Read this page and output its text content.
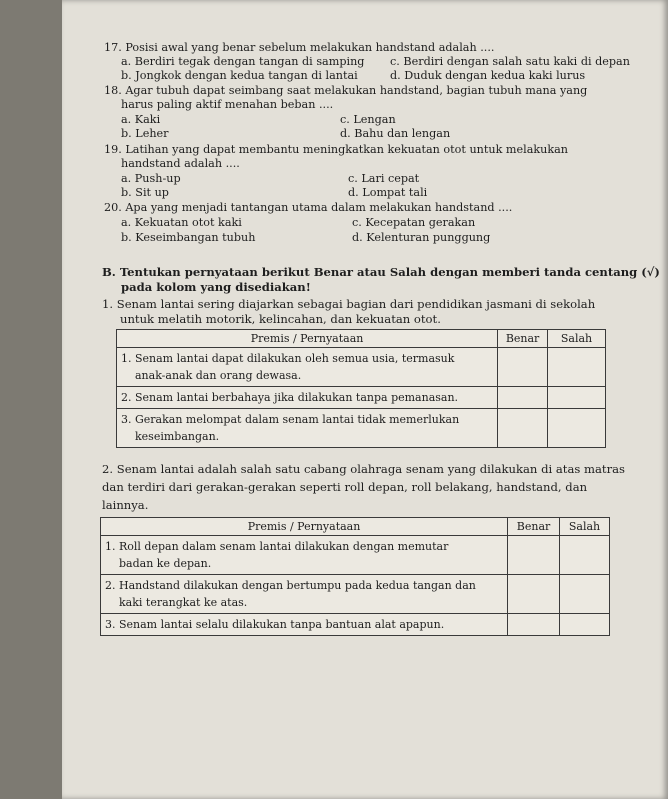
17. Posisi awal yang benar sebelum melakukan handstand adalah ....
a. Berdiri tegak dengan tangan di samping c. Berdiri dengan salah satu kaki di depan
b. Jongkok dengan kedua tangan di lantai	d. Duduk dengan kedua kaki lurus
18. Agar tubuh dapat seimbang saat melakukan handstand, bagian tubuh mana yang
harus paling aktif menahan beban ....
a. Kaki	c. Lengan
b. Leher	d. Bahu dan lengan
19. Latihan yang dapat membantu meningkatkan kekuatan otot untuk melakukan
handstand adalah ....
a. Push-up	c. Lari cepat
b. Sit up	d. Lompat tali
20. Apa yang menjadi tantangan utama dalam melakukan handstand ....
a. Kekuatan otot kaki	c. Kecepatan gerakan
b. Keseimbangan tubuh	d. Kelenturan punggung
B. Tentukan pernyataan berikut Benar atau Salah dengan memberi tanda centang (√)
pada kolom yang disediakan!
1. Senam lantai sering diajarkan sebagai bagian dari pendidikan jasmani di sekolah
untuk melatih motorik, kelincahan, dan kekuatan otot.
Premis / Pernyataan	Benar	Salah
1. Senam lantai dapat dilakukan oleh semua usia, termasuk
anak-anak dan orang dewasa.		
2. Senam lantai berbahaya jika dilakukan tanpa pemanasan.		
3. Gerakan melompat dalam senam lantai tidak memerlukan
keseimbangan.		
2. Senam lantai adalah salah satu cabang olahraga senam yang dilakukan di atas matras
dan terdiri dari gerakan-gerakan seperti roll depan, roll belakang, handstand, dan
lainnya.
Premis / Pernyataan	Benar	Salah
1. Roll depan dalam senam lantai dilakukan dengan memutar
badan ke depan.		
2. Handstand dilakukan dengan bertumpu pada kedua tangan dan
kaki terangkat ke atas.		
3. Senam lantai selalu dilakukan tanpa bantuan alat apapun.		
